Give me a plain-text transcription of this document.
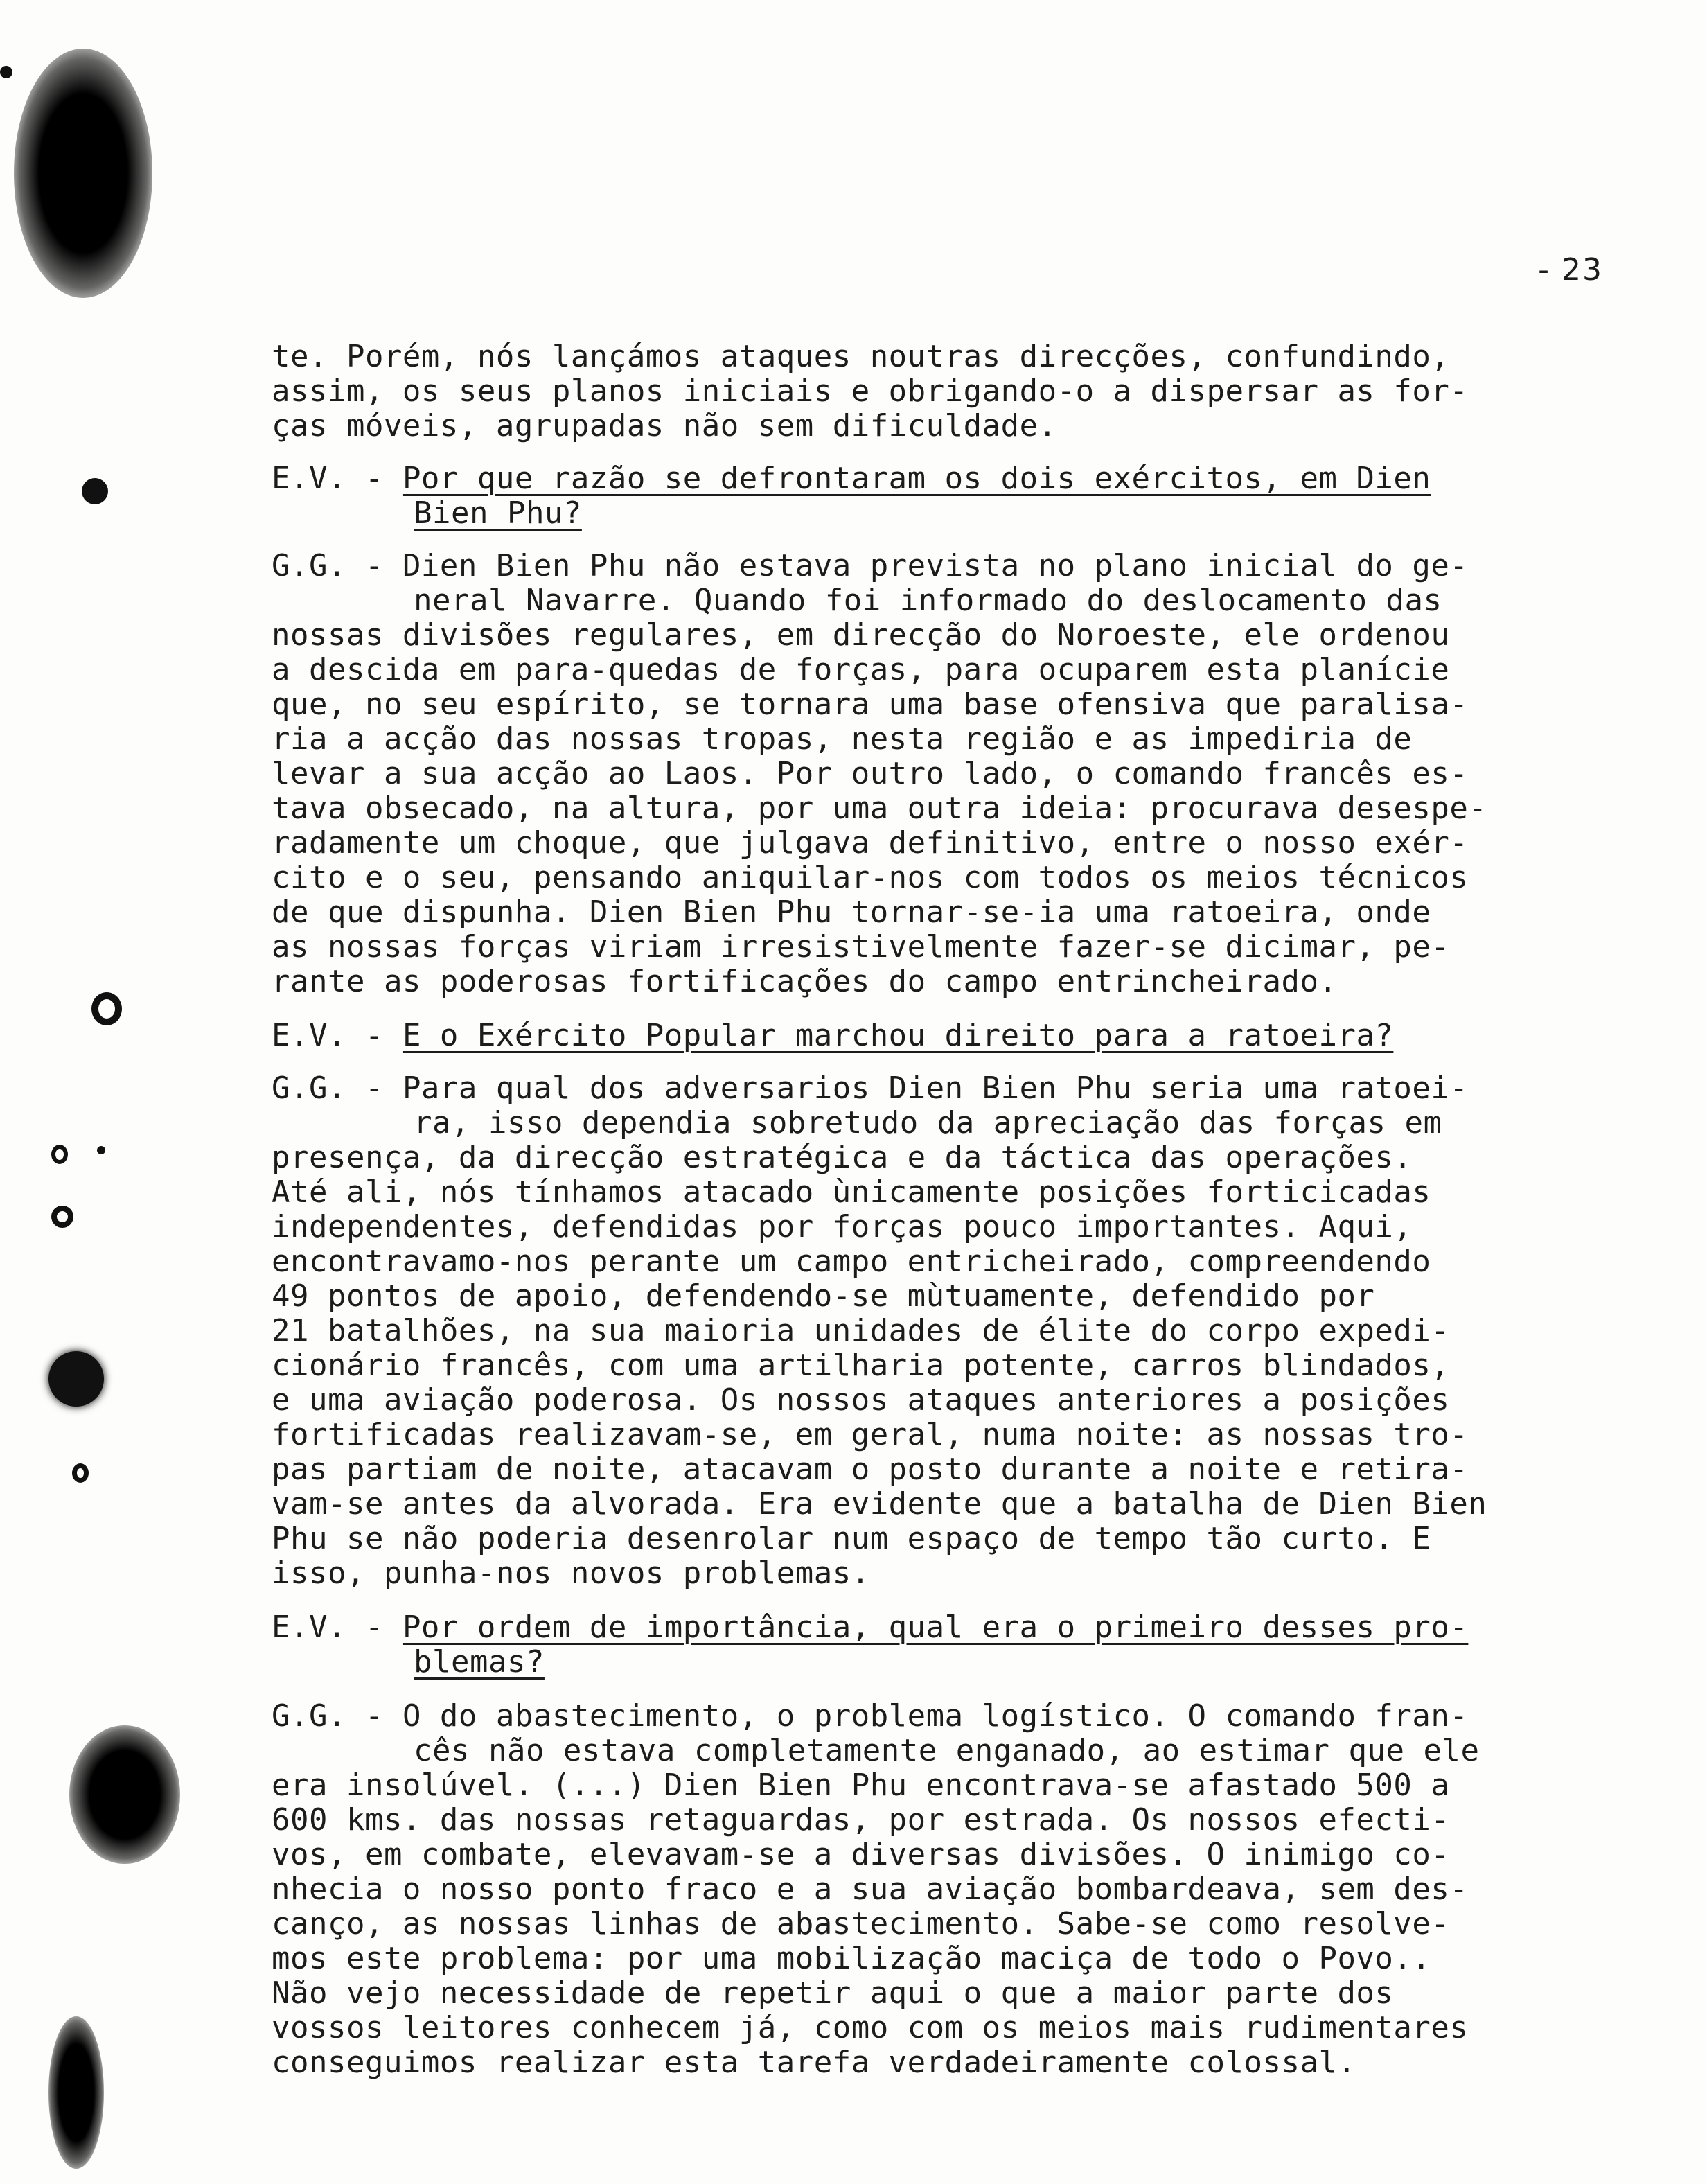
- 23
te. Porém, nós lançámos ataques noutras direcções, confundindo,
assim, os seus planos iniciais e obrigando-o a dispersar as for-
ças móveis, agrupadas não sem dificuldade.
E.V. - Por que razão se defrontaram os dois exércitos, em Dien
Bien Phu?
G.G. - Dien Bien Phu não estava prevista no plano inicial do ge-
neral Navarre. Quando foi informado do deslocamento das
nossas divisões regulares, em direcção do Noroeste, ele ordenou
a descida em para-quedas de forças, para ocuparem esta planície
que, no seu espírito, se tornara uma base ofensiva que paralisa-
ria a acção das nossas tropas, nesta região e as impediria de
levar a sua acção ao Laos. Por outro lado, o comando francês es-
tava obsecado, na altura, por uma outra ideia: procurava desespe-
radamente um choque, que julgava definitivo, entre o nosso exér-
cito e o seu, pensando aniquilar-nos com todos os meios técnicos
de que dispunha. Dien Bien Phu tornar-se-ia uma ratoeira, onde
as nossas forças viriam irresistivelmente fazer-se dicimar, pe-
rante as poderosas fortificações do campo entrincheirado.
E.V. - E o Exército Popular marchou direito para a ratoeira?
G.G. - Para qual dos adversarios Dien Bien Phu seria uma ratoei-
ra, isso dependia sobretudo da apreciação das forças em
presença, da direcção estratégica e da táctica das operações.
Até ali, nós tínhamos atacado ùnicamente posições forticicadas
independentes, defendidas por forças pouco importantes. Aqui,
encontravamo-nos perante um campo entricheirado, compreendendo
49 pontos de apoio, defendendo-se mùtuamente, defendido por
21 batalhões, na sua maioria unidades de élite do corpo expedi-
cionário francês, com uma artilharia potente, carros blindados,
e uma aviação poderosa. Os nossos ataques anteriores a posições
fortificadas realizavam-se, em geral, numa noite: as nossas tro-
pas partiam de noite, atacavam o posto durante a noite e retira-
vam-se antes da alvorada. Era evidente que a batalha de Dien Bien
Phu se não poderia desenrolar num espaço de tempo tão curto. E
isso, punha-nos novos problemas.
E.V. - Por ordem de importância, qual era o primeiro desses pro-
blemas?
G.G. - O do abastecimento, o problema logístico. O comando fran-
cês não estava completamente enganado, ao estimar que ele
era insolúvel. (...) Dien Bien Phu encontrava-se afastado 500 a
600 kms. das nossas retaguardas, por estrada. Os nossos efecti-
vos, em combate, elevavam-se a diversas divisões. O inimigo co-
nhecia o nosso ponto fraco e a sua aviação bombardeava, sem des-
canço, as nossas linhas de abastecimento. Sabe-se como resolve-
mos este problema: por uma mobilização maciça de todo o Povo..
Não vejo necessidade de repetir aqui o que a maior parte dos
vossos leitores conhecem já, como com os meios mais rudimentares
conseguimos realizar esta tarefa verdadeiramente colossal.
